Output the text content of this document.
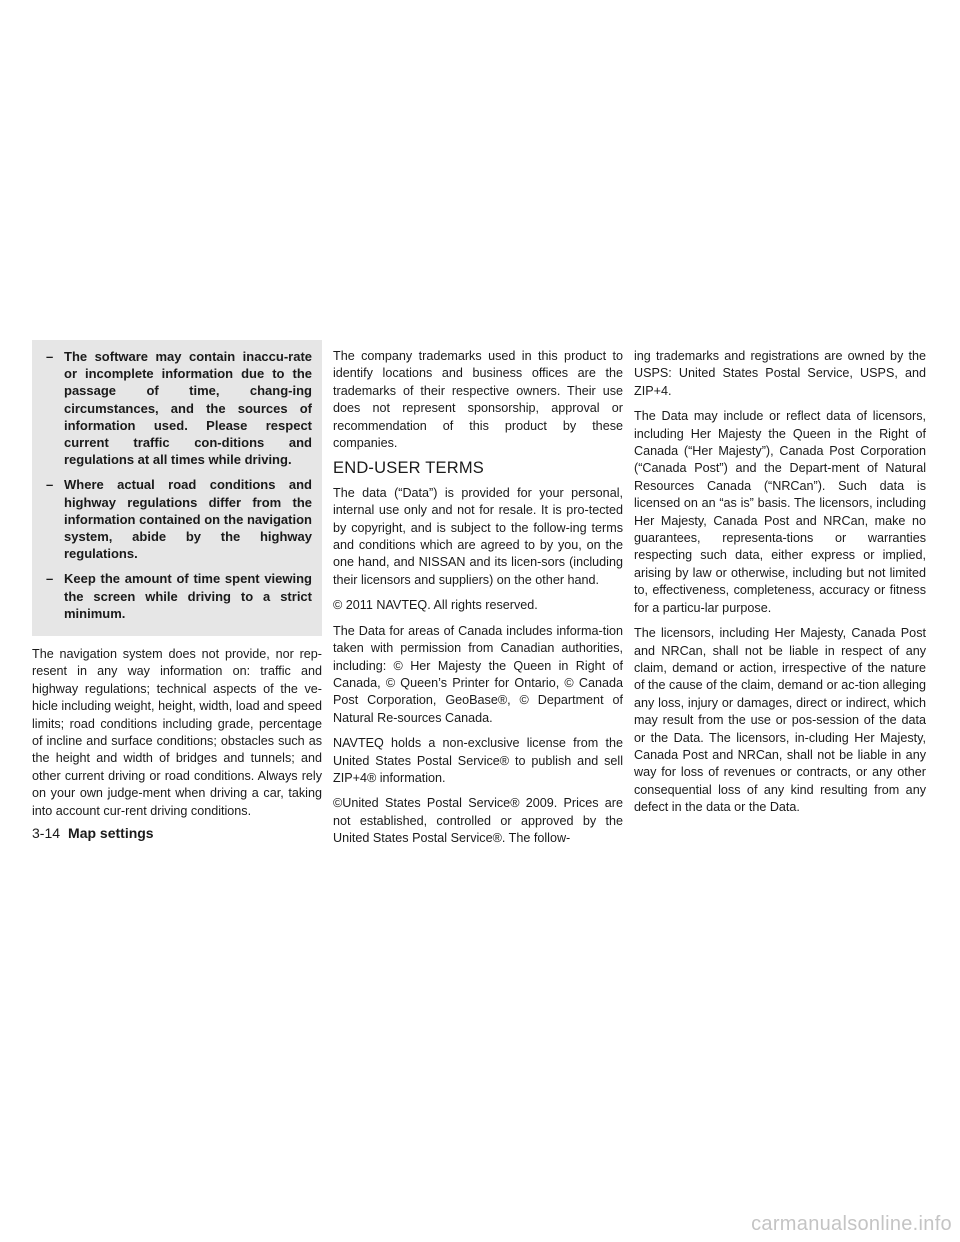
– The software may contain inaccu-rate or incomplete information due to the passage of time, chang-ing circumstances, and the sources of information used. Please respect current traffic con-ditions and regulations at all times while driving.
– Where actual road conditions and highway regulations differ from the information contained on the navigation system, abide by the highway regulations.
– Keep the amount of time spent viewing the screen while driving to a strict minimum.

The navigation system does not provide, nor rep-resent in any way information on: traffic and highway regulations; technical aspects of the ve-hicle including weight, height, width, load and speed limits; road conditions including grade, percentage of incline and surface conditions; obstacles such as the height and width of bridges and tunnels; and other current driving or road conditions. Always rely on your own judge-ment when driving a car, taking into account cur-rent driving conditions.

The company trademarks used in this product to identify locations and business offices are the trademarks of their respective owners. Their use does not represent sponsorship, approval or recommendation of this product by these companies.

END-USER TERMS

The data (“Data”) is provided for your personal, internal use only and not for resale. It is pro-tected by copyright, and is subject to the follow-ing terms and conditions which are agreed to by you, on the one hand, and NISSAN and its licen-sors (including their licensors and suppliers) on the other hand.

© 2011 NAVTEQ. All rights reserved.

The Data for areas of Canada includes informa-tion taken with permission from Canadian authorities, including: © Her Majesty the Queen in Right of Canada, © Queen’s Printer for Ontario, © Canada Post Corporation, GeoBase®, © Department of Natural Re-sources Canada.

NAVTEQ holds a non-exclusive license from the United States Postal Service® to publish and sell ZIP+4® information.

©United States Postal Service® 2009. Prices are not established, controlled or approved by the United States Postal Service®. The follow-

ing trademarks and registrations are owned by the USPS: United States Postal Service, USPS, and ZIP+4.

The Data may include or reflect data of licensors, including Her Majesty the Queen in the Right of Canada (“Her Majesty”), Canada Post Corporation (“Canada Post”) and the Depart-ment of Natural Resources Canada (“NRCan”). Such data is licensed on an “as is” basis. The licensors, including Her Majesty, Canada Post and NRCan, make no guarantees, representa-tions or warranties respecting such data, either express or implied, arising by law or otherwise, including but not limited to, effectiveness, completeness, accuracy or fitness for a particu-lar purpose.

The licensors, including Her Majesty, Canada Post and NRCan, shall not be liable in respect of any claim, demand or action, irrespective of the nature of the cause of the claim, demand or ac-tion alleging any loss, injury or damages, direct or indirect, which may result from the use or pos-session of the data or the Data. The licensors, in-cluding Her Majesty, Canada Post and NRCan, shall not be liable in any way for loss of revenues or contracts, or any other consequential loss of any kind resulting from any defect in the data or the Data.

3-14 Map settings
carmanualsonline.info
